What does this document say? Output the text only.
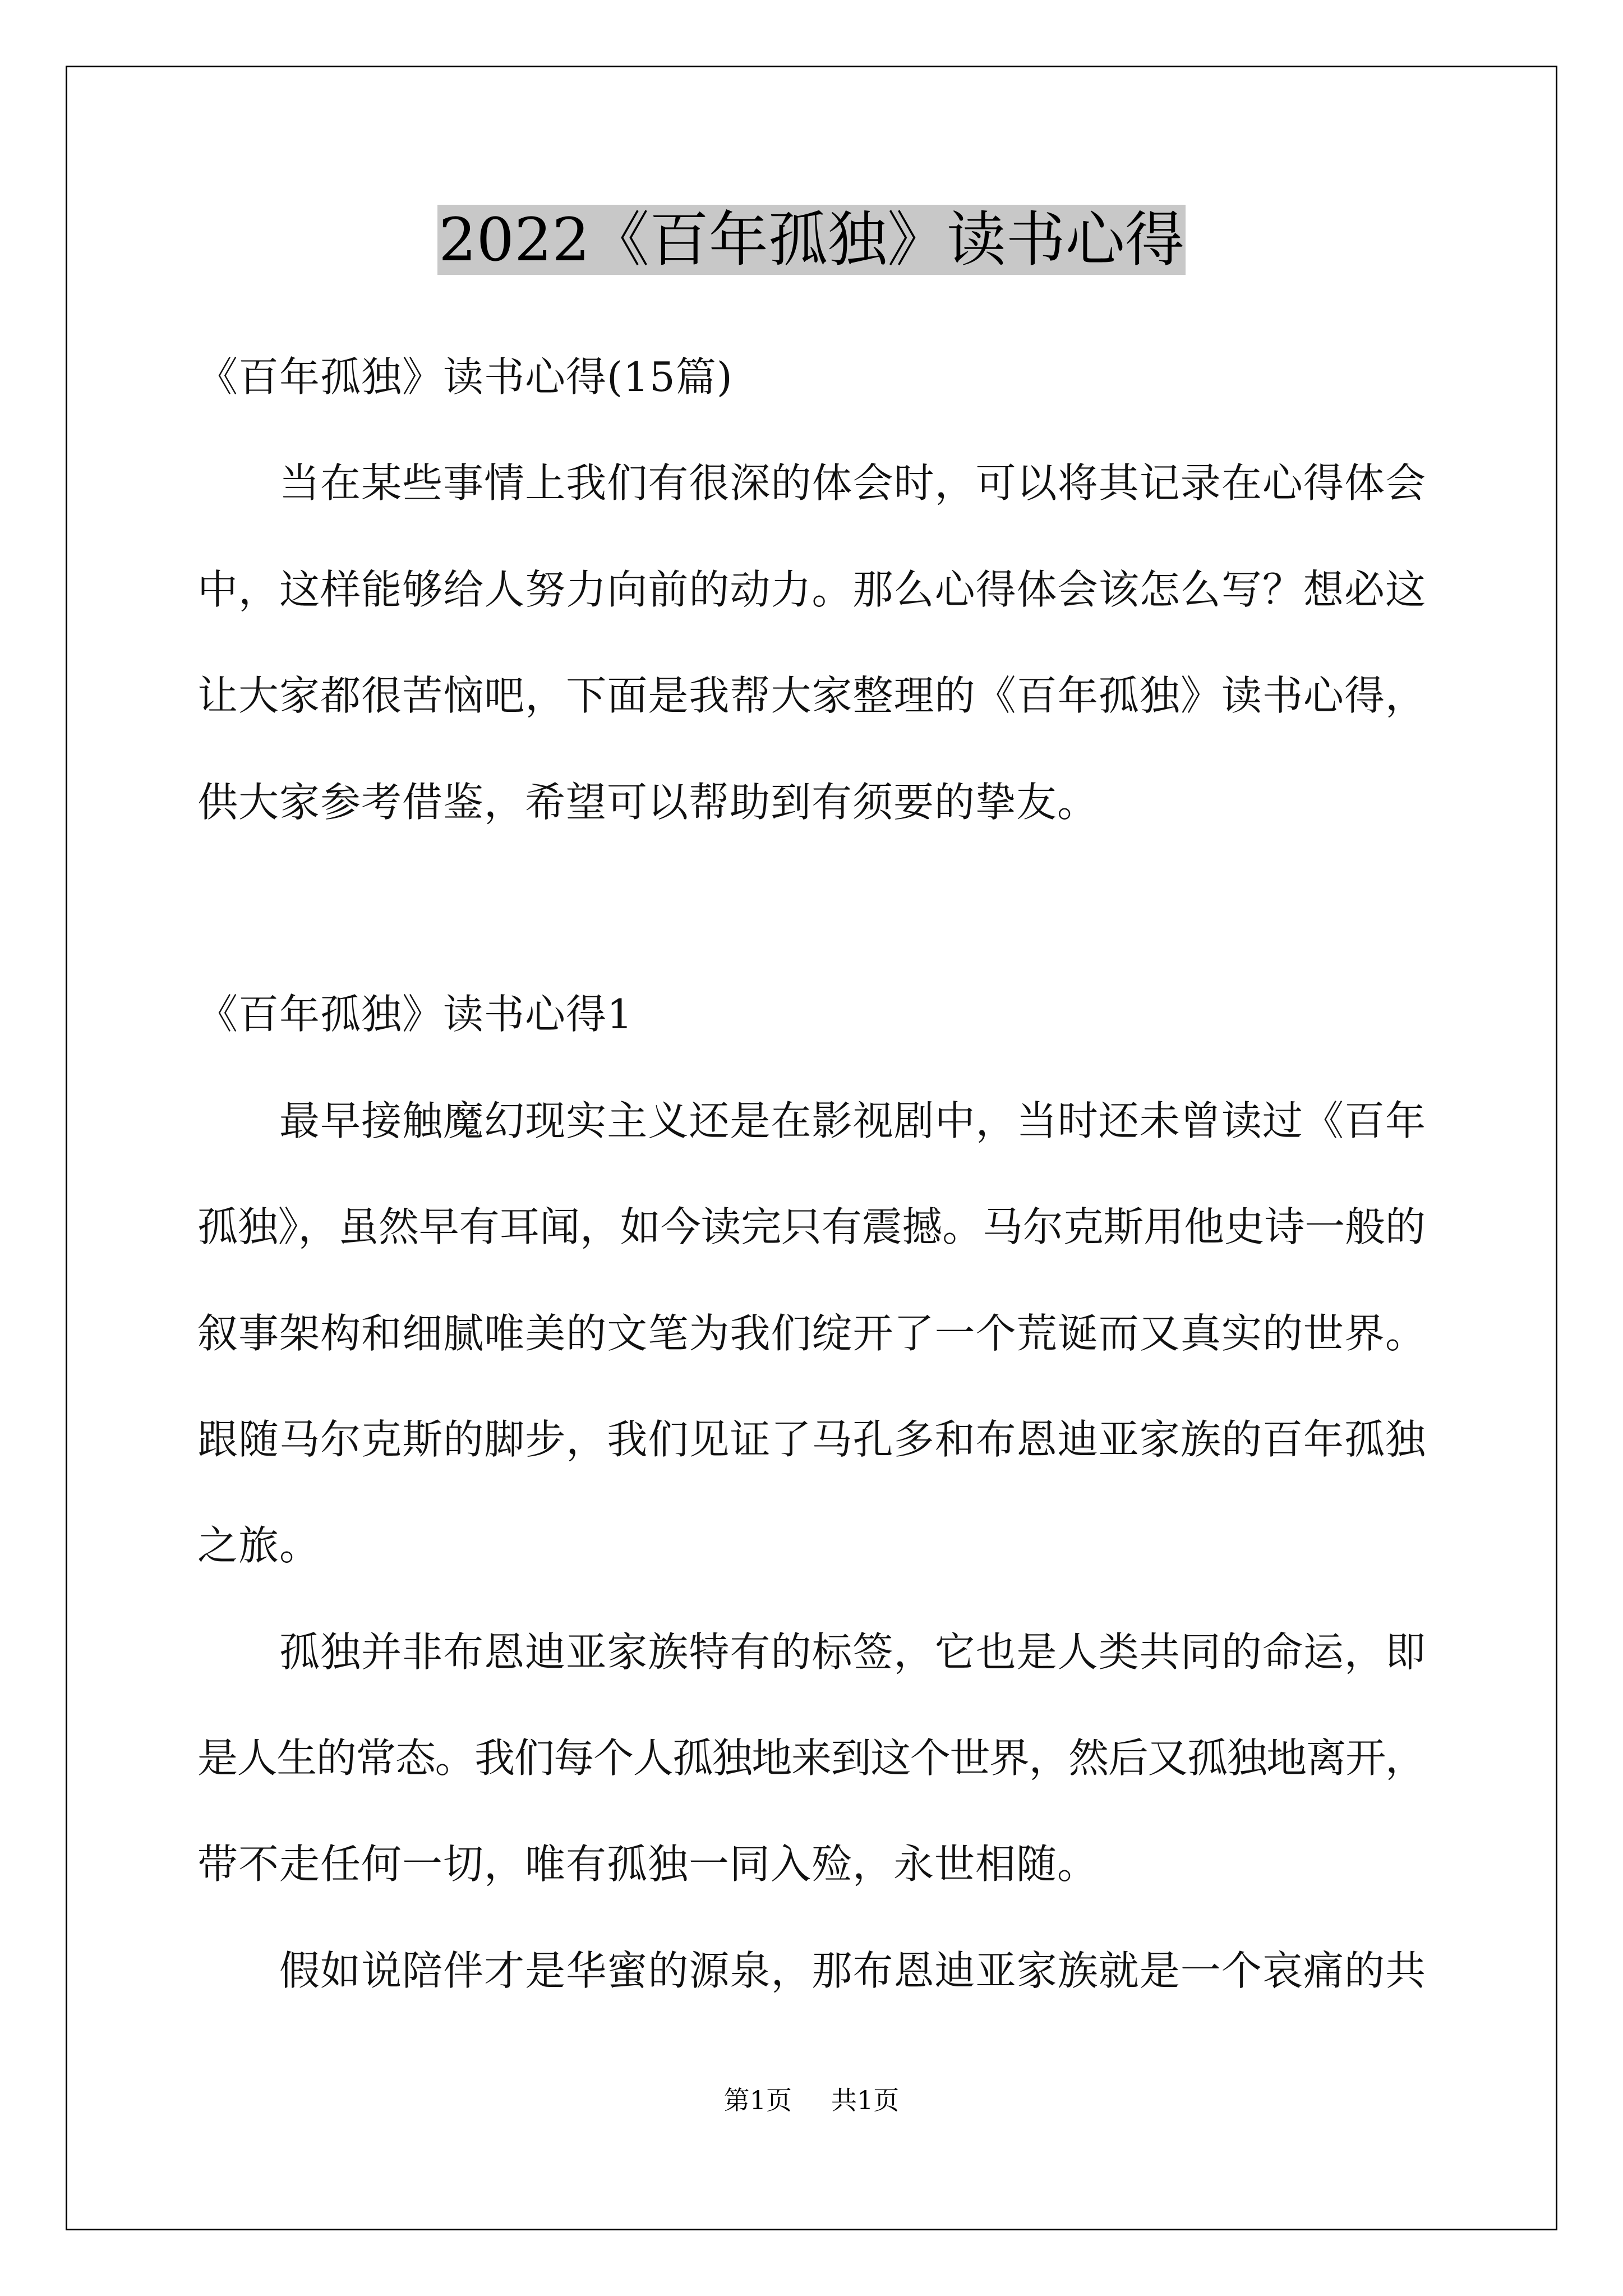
2022《百年孤独》读书心得
《百年孤独》读书心得(15篇)
当在某些事情上我们有很深的体会时，可以将其记录在心得体会
中，这样能够给人努力向前的动力。那么心得体会该怎么写？想必这
让大家都很苦恼吧，下面是我帮大家整理的《百年孤独》读书心得，
供大家参考借鉴，希望可以帮助到有须要的挚友。
《百年孤独》读书心得1
最早接触魔幻现实主义还是在影视剧中，当时还未曾读过《百年
孤独》，虽然早有耳闻，如今读完只有震撼。马尔克斯用他史诗一般的
叙事架构和细腻唯美的文笔为我们绽开了一个荒诞而又真实的世界。
跟随马尔克斯的脚步，我们见证了马孔多和布恩迪亚家族的百年孤独
之旅。
孤独并非布恩迪亚家族特有的标签，它也是人类共同的命运，即
是人生的常态。我们每个人孤独地来到这个世界，然后又孤独地离开，
带不走任何一切，唯有孤独一同入殓，永世相随。
假如说陪伴才是华蜜的源泉，那布恩迪亚家族就是一个哀痛的共
第1页 共1页
